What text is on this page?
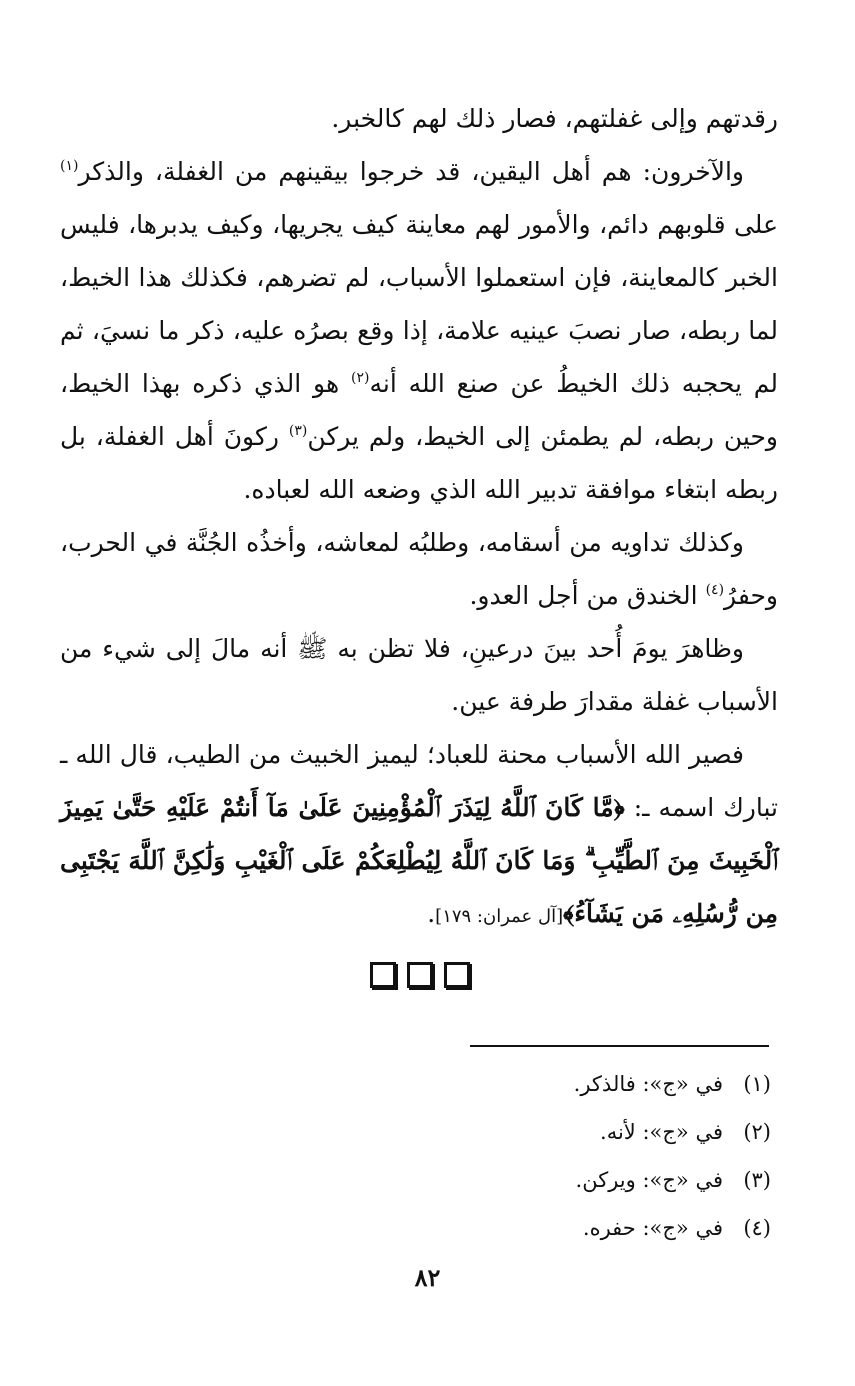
رقدتهم وإلى غفلتهم، فصار ذلك لهم كالخبر.

والآخرون: هم أهل اليقين، قد خرجوا بيقينهم من الغفلة، والذكر$^{(١)}$ على قلوبهم دائم، والأمور لهم معاينة كيف يجريها، وكيف يدبرها، فليس الخبر كالمعاينة، فإن استعملوا الأسباب، لم تضرهم، فكذلك هذا الخيط، لما ربطه، صار نصبَ عينيه علامة، إذا وقع بصرُه عليه، ذكر ما نسيَ، ثم لم يحجبه ذلك الخيطُ عن صنع الله أنه$^{(٢)}$ هو الذي ذكره بهذا الخيط، وحين ربطه، لم يطمئن إلى الخيط، ولم يركن$^{(٣)}$ ركونَ أهل الغفلة، بل ربطه ابتغاء موافقة تدبير الله الذي وضعه الله لعباده.

وكذلك تداويه من أسقامه، وطلبُه لمعاشه، وأخذُه الجُنَّة في الحرب، وحفرُ$^{(٤)}$ الخندق من أجل العدو.

وظاهرَ يومَ أُحد بينَ درعينِ، فلا تظن به ﷺ أنه مالَ إلى شيء من الأسباب غفلة مقدارَ طرفة عين.

فصير الله الأسباب محنة للعباد؛ ليميز الخبيث من الطيب، قال الله ـ تبارك اسمه ـ: ﴿مَّا كَانَ ٱللَّهُ لِيَذَرَ ٱلْمُؤْمِنِينَ عَلَىٰ مَآ أَنتُمْ عَلَيْهِ حَتَّىٰ يَمِيزَ ٱلْخَبِيثَ مِنَ ٱلطَّيِّبِ ۗ وَمَا كَانَ ٱللَّهُ لِيُطْلِعَكُمْ عَلَى ٱلْغَيْبِ وَلَٰكِنَّ ٱللَّهَ يَجْتَبِى مِن رُّسُلِهِۦ مَن يَشَآءُ﴾[آل عمران: ١٧٩].

(١)في «ج»: فالذكر.
(٢)في «ج»: لأنه.
(٣)في «ج»: ويركن.
(٤)في «ج»: حفره.
٨٢
